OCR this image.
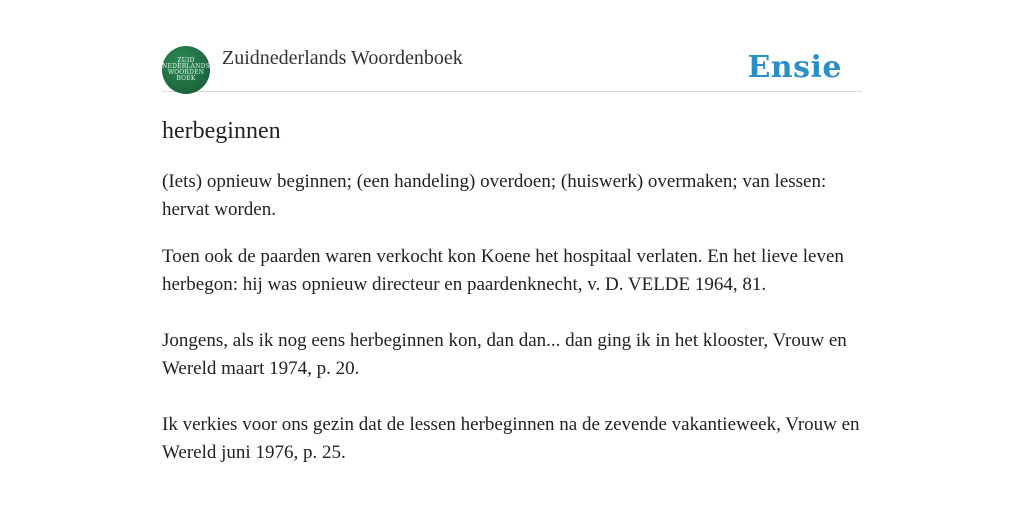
ZUID
NEDERLANDS
WOORDEN
BOEK
Zuidnederlands Woordenboek	Ensie
herbeginnen

(Iets) opnieuw beginnen; (een handeling) overdoen; (huiswerk) overmaken; van lessen: hervat worden.

Toen ook de paarden waren verkocht kon Koene het hospitaal verlaten. En het lieve leven herbegon: hij was opnieuw directeur en paardenknecht, v. D. VELDE 1964, 81.

Jongens, als ik nog eens herbeginnen kon, dan dan... dan ging ik in het klooster, Vrouw en Wereld maart 1974, p. 20.

Ik verkies voor ons gezin dat de lessen herbeginnen na de zevende vakantieweek, Vrouw en Wereld juni 1976, p. 25.
